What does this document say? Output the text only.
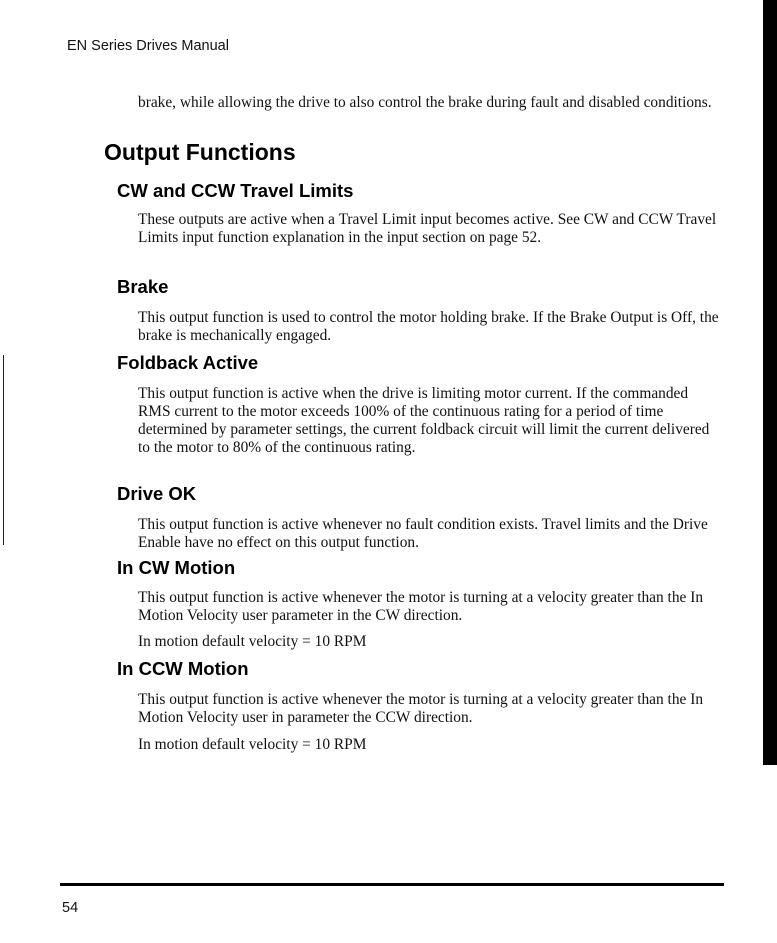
EN Series Drives Manual

brake, while allowing the drive to also control the brake during fault and disabled conditions.

Output Functions
CW and CCW Travel Limits

These outputs are active when a Travel Limit input becomes active. See CW and CCW Travel Limits input function explanation in the input section on page 52.

Brake

This output function is used to control the motor holding brake. If the Brake Output is Off, the brake is mechanically engaged.

Foldback Active

This output function is active when the drive is limiting motor current. If the commanded RMS current to the motor exceeds 100% of the continuous rating for a period of time determined by parameter settings, the current foldback circuit will limit the current delivered to the motor to 80% of the continuous rating.

Drive OK

This output function is active whenever no fault condition exists. Travel limits and the Drive Enable have no effect on this output function.

In CW Motion

This output function is active whenever the motor is turning at a velocity greater than the In Motion Velocity user parameter in the CW direction.

In motion default velocity = 10 RPM

In CCW Motion

This output function is active whenever the motor is turning at a velocity greater than the In Motion Velocity user in parameter the CCW direction.

In motion default velocity = 10 RPM

54
